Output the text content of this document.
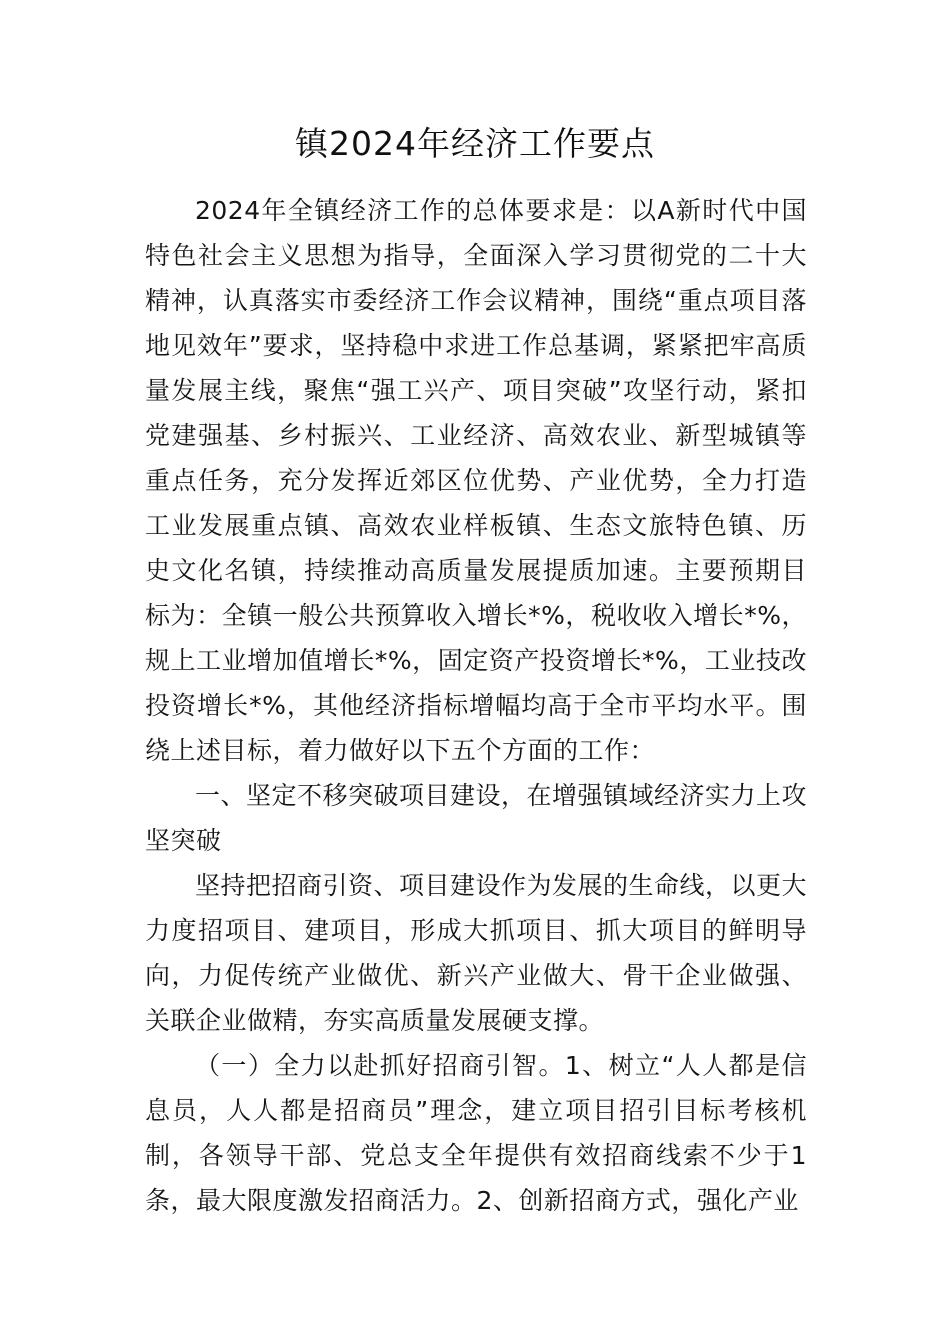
镇2024年经济工作要点

2024年全镇经济工作的总体要求是：以A新时代中国特色社会主义思想为指导，全面深入学习贯彻党的二十大精神，认真落实市委经济工作会议精神，围绕“重点项目落地见效年”要求，坚持稳中求进工作总基调，紧紧把牢高质量发展主线，聚焦“强工兴产、项目突破”攻坚行动，紧扣党建强基、乡村振兴、工业经济、高效农业、新型城镇等重点任务，充分发挥近郊区位优势、产业优势，全力打造工业发展重点镇、高效农业样板镇、生态文旅特色镇、历史文化名镇，持续推动高质量发展提质加速。主要预期目标为：全镇一般公共预算收入增长*%，税收收入增长*%，规上工业增加值增长*%，固定资产投资增长*%，工业技改投资增长*%，其他经济指标增幅均高于全市平均水平。围绕上述目标，着力做好以下五个方面的工作：

一、坚定不移突破项目建设，在增强镇域经济实力上攻坚突破

坚持把招商引资、项目建设作为发展的生命线，以更大力度招项目、建项目，形成大抓项目、抓大项目的鲜明导向，力促传统产业做优、新兴产业做大、骨干企业做强、关联企业做精，夯实高质量发展硬支撑。

（一）全力以赴抓好招商引智。1、树立“人人都是信息员，人人都是招商员”理念，建立项目招引目标考核机制，各领导干部、党总支全年提供有效招商线索不少于1条，最大限度激发招商活力。2、创新招商方式，强化产业
